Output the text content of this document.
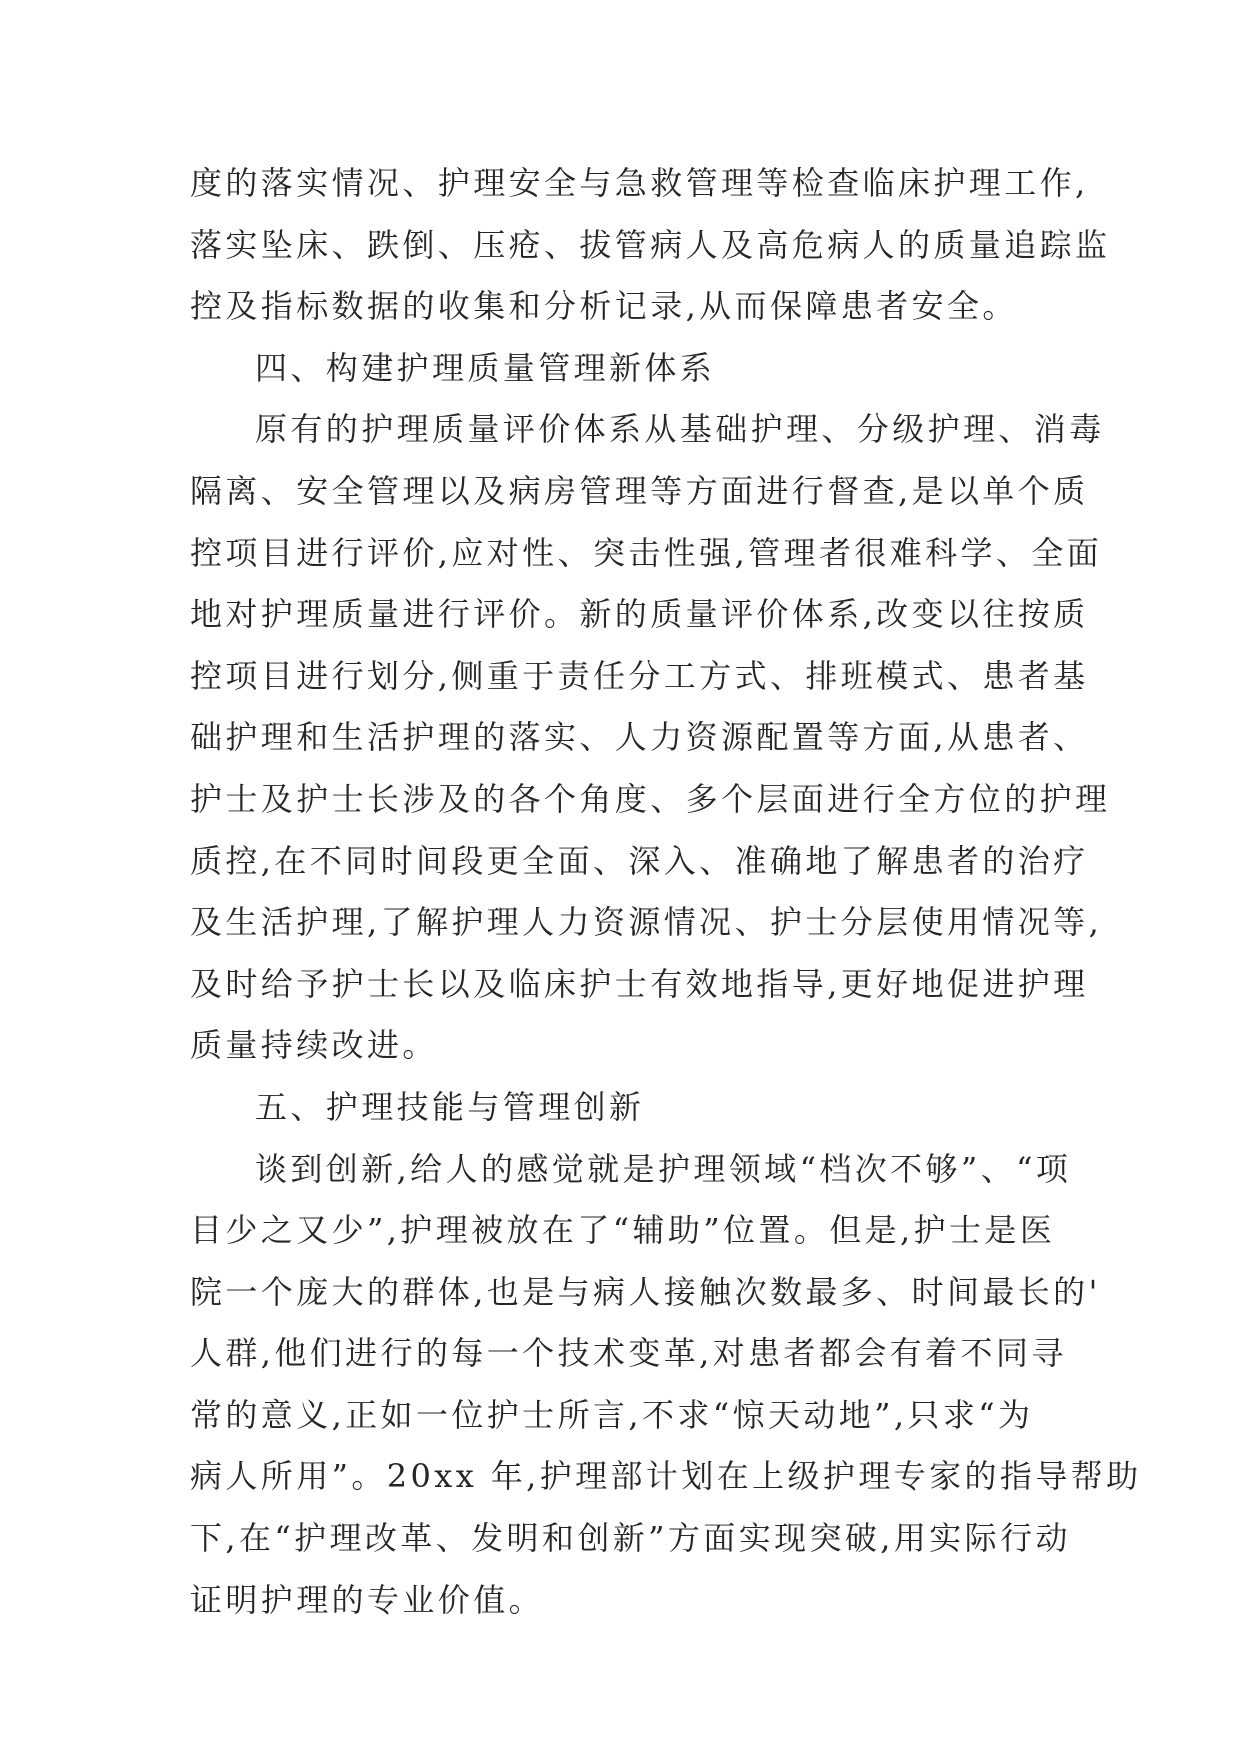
度的落实情况、护理安全与急救管理等检查临床护理工作,
落实坠床、跌倒、压疮、拔管病人及高危病人的质量追踪监
控及指标数据的收集和分析记录,从而保障患者安全。
四、构建护理质量管理新体系
原有的护理质量评价体系从基础护理、分级护理、消毒
隔离、安全管理以及病房管理等方面进行督查,是以单个质
控项目进行评价,应对性、突击性强,管理者很难科学、全面
地对护理质量进行评价。新的质量评价体系,改变以往按质
控项目进行划分,侧重于责任分工方式、排班模式、患者基
础护理和生活护理的落实、人力资源配置等方面,从患者、
护士及护士长涉及的各个角度、多个层面进行全方位的护理
质控,在不同时间段更全面、深入、准确地了解患者的治疗
及生活护理,了解护理人力资源情况、护士分层使用情况等,
及时给予护士长以及临床护士有效地指导,更好地促进护理
质量持续改进。
五、护理技能与管理创新
谈到创新,给人的感觉就是护理领域“档次不够”、“项
目少之又少”,护理被放在了“辅助”位置。但是,护士是医
院一个庞大的群体,也是与病人接触次数最多、时间最长的'
人群,他们进行的每一个技术变革,对患者都会有着不同寻
常的意义,正如一位护士所言,不求“惊天动地”,只求“为
病人所用”。20xx 年,护理部计划在上级护理专家的指导帮助
下,在“护理改革、发明和创新”方面实现突破,用实际行动
证明护理的专业价值。
